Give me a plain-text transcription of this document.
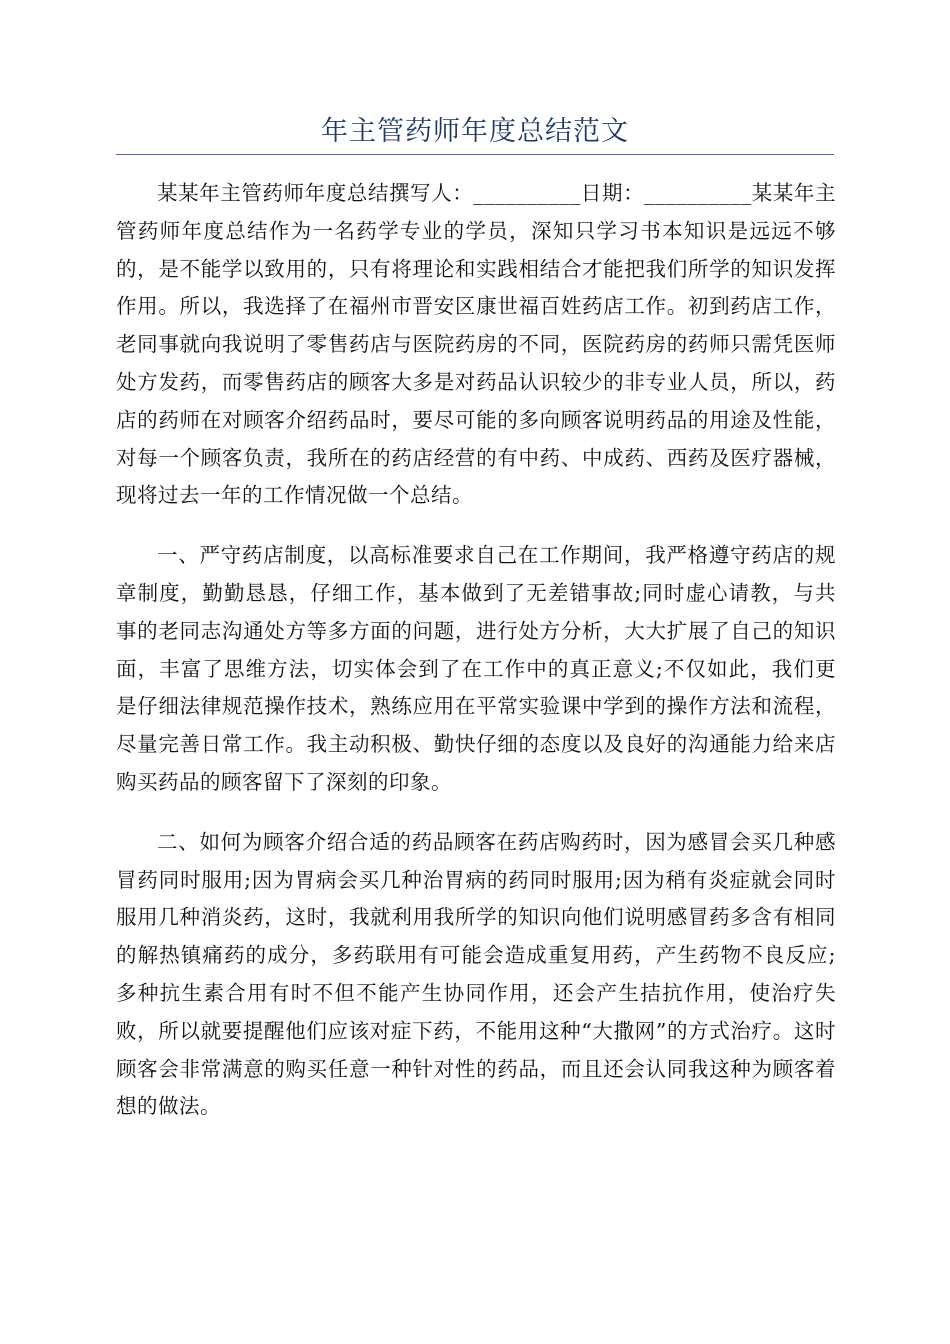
年主管药师年度总结范文

某某年主管药师年度总结撰写人：__________日期：__________某某年主管药师年度总结作为一名药学专业的学员，深知只学习书本知识是远远不够的，是不能学以致用的，只有将理论和实践相结合才能把我们所学的知识发挥作用。所以，我选择了在福州市晋安区康世福百姓药店工作。初到药店工作，老同事就向我说明了零售药店与医院药房的不同，医院药房的药师只需凭医师处方发药，而零售药店的顾客大多是对药品认识较少的非专业人员，所以，药店的药师在对顾客介绍药品时，要尽可能的多向顾客说明药品的用途及性能，对每一个顾客负责，我所在的药店经营的有中药、中成药、西药及医疗器械，现将过去一年的工作情况做一个总结。

一、严守药店制度，以高标准要求自己在工作期间，我严格遵守药店的规章制度，勤勤恳恳，仔细工作，基本做到了无差错事故;同时虚心请教，与共事的老同志沟通处方等多方面的问题，进行处方分析，大大扩展了自己的知识面，丰富了思维方法，切实体会到了在工作中的真正意义;不仅如此，我们更是仔细法律规范操作技术，熟练应用在平常实验课中学到的操作方法和流程，尽量完善日常工作。我主动积极、勤快仔细的态度以及良好的沟通能力给来店购买药品的顾客留下了深刻的印象。

二、如何为顾客介绍合适的药品顾客在药店购药时，因为感冒会买几种感冒药同时服用;因为胃病会买几种治胃病的药同时服用;因为稍有炎症就会同时服用几种消炎药，这时，我就利用我所学的知识向他们说明感冒药多含有相同的解热镇痛药的成分，多药联用有可能会造成重复用药，产生药物不良反应;多种抗生素合用有时不但不能产生协同作用，还会产生拮抗作用，使治疗失败，所以就要提醒他们应该对症下药，不能用这种“大撒网”的方式治疗。这时顾客会非常满意的购买任意一种针对性的药品，而且还会认同我这种为顾客着想的做法。
